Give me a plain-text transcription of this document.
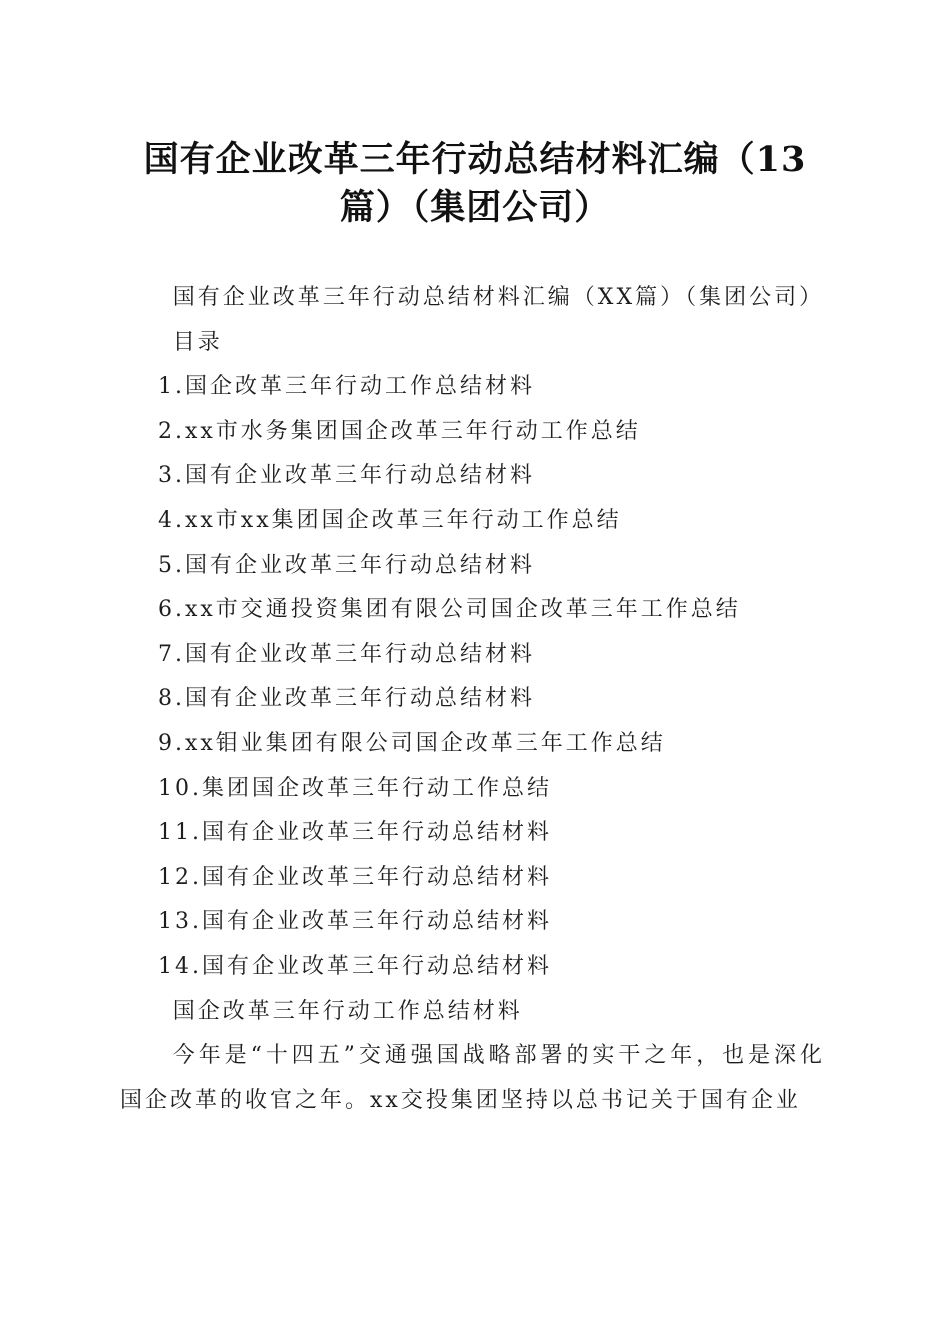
国有企业改革三年行动总结材料汇编（13
篇）（集团公司）

国有企业改革三年行动总结材料汇编（XX篇）（集团公司）

目录

1.国企改革三年行动工作总结材料
2.xx市水务集团国企改革三年行动工作总结
3.国有企业改革三年行动总结材料
4.xx市xx集团国企改革三年行动工作总结
5.国有企业改革三年行动总结材料
6.xx市交通投资集团有限公司国企改革三年工作总结
7.国有企业改革三年行动总结材料
8.国有企业改革三年行动总结材料
9.xx钼业集团有限公司国企改革三年工作总结
10.集团国企改革三年行动工作总结
11.国有企业改革三年行动总结材料
12.国有企业改革三年行动总结材料
13.国有企业改革三年行动总结材料
14.国有企业改革三年行动总结材料

国企改革三年行动工作总结材料

今年是“十四五”交通强国战略部署的实干之年，也是深化国企改革的收官之年。xx交投集团坚持以总书记关于国有企业
